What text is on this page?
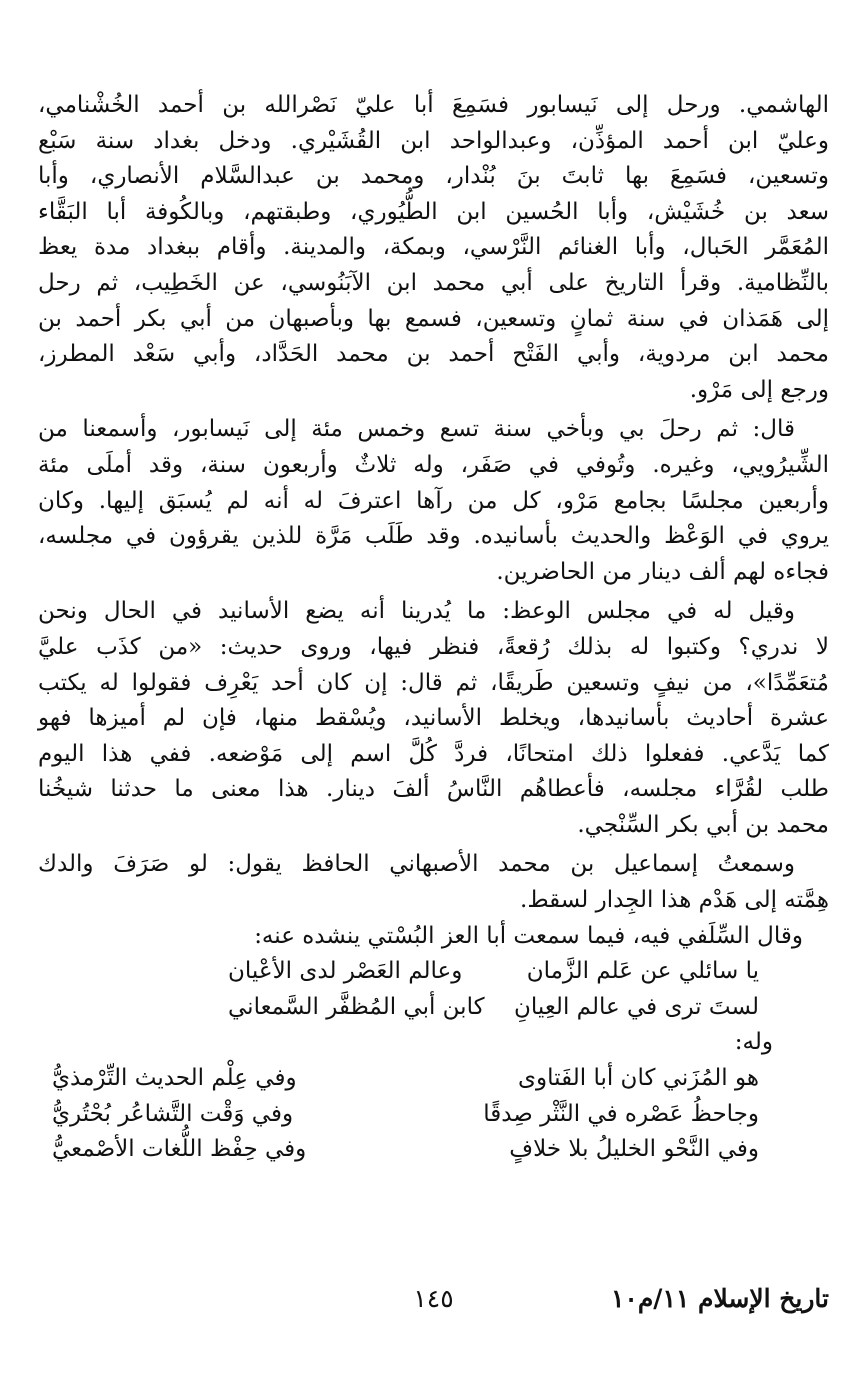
الهاشمي. ورحل إلى نَيسابور فسَمِعَ أبا عليّ نَصْرالله بن أحمد الخُشْنامي،
وعليّ ابن أحمد المؤذِّن، وعبدالواحد ابن القُشَيْري. ودخل بغداد سنة سَبْع
وتسعين، فسَمِعَ بها ثابتَ بنَ بُنْدار، ومحمد بن عبدالسَّلام الأنصاري، وأبا
سعد بن خُشَيْش، وأبا الحُسين ابن الطُّيُوري، وطبقتهم، وبالكُوفة أبا البَقَّاء
المُعَمَّر الحَبال، وأبا الغنائم النَّرْسي، وبمكة، والمدينة. وأقام ببغداد مدة يعظ
بالنِّظامية. وقرأ التاريخ على أبي محمد ابن الآبَنُوسي، عن الخَطِيب، ثم رحل
إلى هَمَذان في سنة ثمانٍ وتسعين، فسمع بها وبأصبهان من أبي بكر أحمد بن
محمد ابن مردوية، وأبي الفَتْح أحمد بن محمد الحَدَّاد، وأبي سَعْد المطرز،
ورجع إلى مَرْو.
قال: ثم رحلَ بي وبأخي سنة تسع وخمس مئة إلى نَيسابور، وأسمعنا من
الشِّيرُويي، وغيره. وتُوفي في صَفَر، وله ثلاثٌ وأربعون سنة، وقد أملَى مئة
وأربعين مجلسًا بجامع مَرْو، كل من رآها اعترفَ له أنه لم يُسبَق إليها. وكان
يروي في الوَعْظ والحديث بأسانيده. وقد طَلَب مَرَّة للذين يقرؤون في مجلسه،
فجاءه لهم ألف دينار من الحاضرين.
وقيل له في مجلس الوعظ: ما يُدرينا أنه يضع الأسانيد في الحال ونحن
لا ندري؟ وكتبوا له بذلك رُقعةً، فنظر فيها، وروى حديث: «من كذَب عليَّ
مُتعَمِّدًا»، من نيفٍ وتسعين طَريقًا، ثم قال: إن كان أحد يَعْرِف فقولوا له يكتب
عشرة أحاديث بأسانيدها، ويخلط الأسانيد، ويُسْقط منها، فإن لم أميزها فهو
كما يَدَّعي. ففعلوا ذلك امتحانًا، فردَّ كُلَّ اسم إلى مَوْضعه. ففي هذا اليوم
طلب لقُرَّاء مجلسه، فأعطاهُم النَّاسُ ألفَ دينار. هذا معنى ما حدثنا شيخُنا
محمد بن أبي بكر السِّنْجي.
وسمعتُ إسماعيل بن محمد الأصبهاني الحافظ يقول: لو صَرَفَ والدك
هِمَّته إلى هَدْم هذا الجِدار لسقط.
وقال السِّلَفي فيه، فيما سمعت أبا العز البُسْتي ينشده عنه:
يا سائلي عن عَلم الزَّمان
وعالم العَصْر لدى الأعْيان
لستَ ترى في عالم العِيانِ
كابن أبي المُظفَّر السَّمعاني
وله:
هو المُزَني كان أبا الفَتاوى
وفي عِلْم الحديث التِّرْمذيُّ
وجاحظُ عَصْره في النَّثْر صِدقًا
وفي وَقْت التَّشاعُر بُحْتُريُّ
وفي النَّحْو الخليلُ بلا خلافٍ
وفي حِفْظ اللُّغات الأصْمعيُّ
تاريخ الإسلام ١١/م١٠
١٤٥
